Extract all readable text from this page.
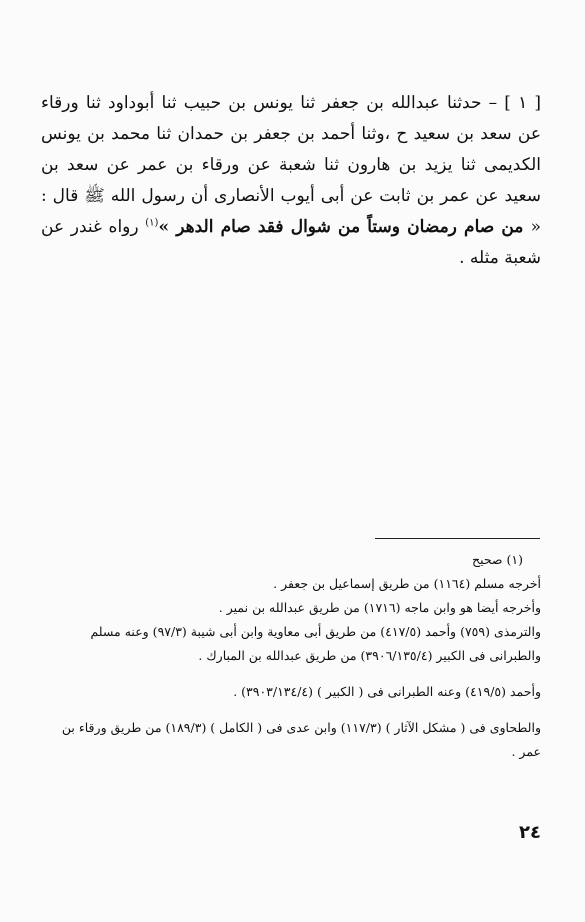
[ ١ ] – حدثنا عبدالله بن جعفر ثنا يونس بن حبيب ثنا أبوداود ثنا ورقاء عن سعد بن سعيد ح ،وثنا أحمد بن جعفر بن حمدان ثنا محمد بن يونس الكديمى ثنا يزيد بن هارون ثنا شعبة عن ورقاء بن عمر عن سعد بن سعيد عن عمر بن ثابت عن أبى أيوب الأنصارى أن رسول الله ﷺ قال : « من صام رمضان وستاً من شوال فقد صام الدهر »$^{(١)}$ رواه غندر عن شعبة مثله .

(١) صحيح

أخرجه مسلم (١١٦٤) من طريق إسماعيل بن جعفر .

وأخرجه أيضا هو وابن ماجه (١٧١٦) من طريق عبدالله بن نمير .

والترمذى (٧٥٩) وأحمد (٤١٧/٥) من طريق أبى معاوية وابن أبى شيبة (٩٧/٣) وعنه مسلم والطبرانى فى الكبير (٣٩٠٦/١٣٥/٤) من طريق عبدالله بن المبارك .

وأحمد (٤١٩/٥) وعنه الطبرانى فى ( الكبير ) (٣٩٠٣/١٣٤/٤) .

والطحاوى فى ( مشكل الآثار ) (١١٧/٣) وابن عدى فى ( الكامل ) (١٨٩/٣) من طريق ورقاء بن عمر .

٢٤
